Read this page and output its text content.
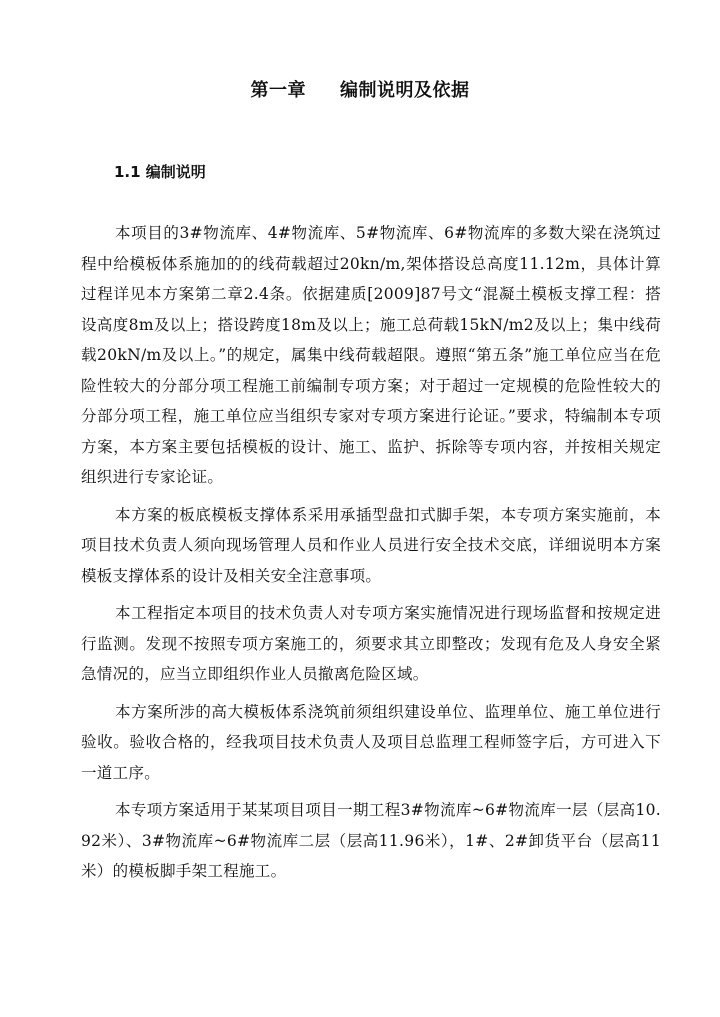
第一章 编制说明及依据
1.1 编制说明

本项目的3#物流库、4#物流库、5#物流库、6#物流库的多数大梁在浇筑过程中给模板体系施加的的线荷载超过20kn/m,架体搭设总高度11.12m，具体计算过程详见本方案第二章2.4条。依据建质[2009]87号文“混凝土模板支撑工程：搭设高度8m及以上；搭设跨度18m及以上；施工总荷载15kN/m2及以上；集中线荷载20kN/m及以上。”的规定，属集中线荷载超限。遵照“第五条”施工单位应当在危险性较大的分部分项工程施工前编制专项方案；对于超过一定规模的危险性较大的分部分项工程，施工单位应当组织专家对专项方案进行论证。”要求，特编制本专项方案，本方案主要包括模板的设计、施工、监护、拆除等专项内容，并按相关规定组织进行专家论证。

本方案的板底模板支撑体系采用承插型盘扣式脚手架，本专项方案实施前，本项目技术负责人须向现场管理人员和作业人员进行安全技术交底，详细说明本方案模板支撑体系的设计及相关安全注意事项。

本工程指定本项目的技术负责人对专项方案实施情况进行现场监督和按规定进行监测。发现不按照专项方案施工的，须要求其立即整改；发现有危及人身安全紧急情况的，应当立即组织作业人员撤离危险区域。

本方案所涉的高大模板体系浇筑前须组织建设单位、监理单位、施工单位进行验收。验收合格的，经我项目技术负责人及项目总监理工程师签字后，方可进入下一道工序。

本专项方案适用于某某项目项目一期工程3#物流库~6#物流库一层（层高10.92米）、3#物流库~6#物流库二层（层高11.96米），1#、2#卸货平台（层高11米）的模板脚手架工程施工。
